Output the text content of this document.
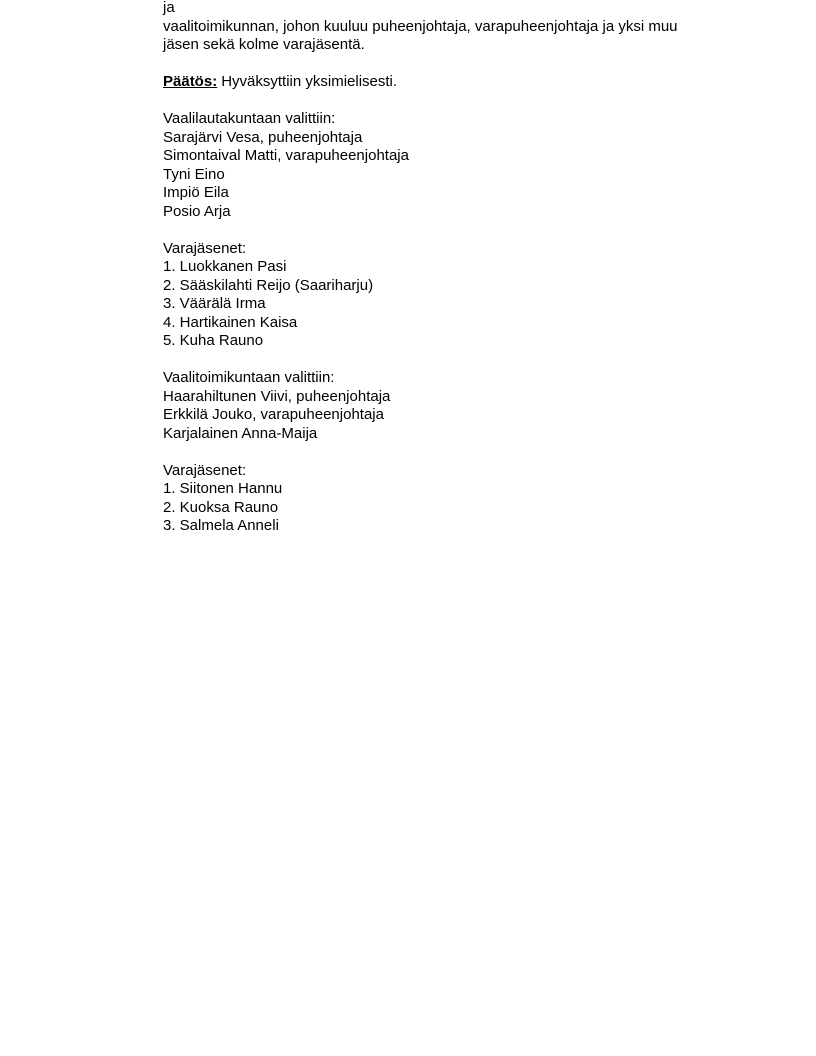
ja
vaalitoimikunnan, johon kuuluu puheenjohtaja, varapuheenjohtaja ja yksi muu
jäsen sekä kolme varajäsentä.
Päätös: Hyväksyttiin yksimielisesti.
Vaalilautakuntaan valittiin:
Sarajärvi Vesa, puheenjohtaja
Simontaival Matti, varapuheenjohtaja
Tyni Eino
Impiö Eila
Posio Arja
Varajäsenet:
1. Luokkanen Pasi
2. Sääskilahti Reijo (Saariharju)
3. Väärälä Irma
4. Hartikainen Kaisa
5. Kuha Rauno
Vaalitoimikuntaan valittiin:
Haarahiltunen Viivi, puheenjohtaja
Erkkilä Jouko, varapuheenjohtaja
Karjalainen Anna-Maija
Varajäsenet:
1. Siitonen Hannu
2. Kuoksa Rauno
3. Salmela Anneli
